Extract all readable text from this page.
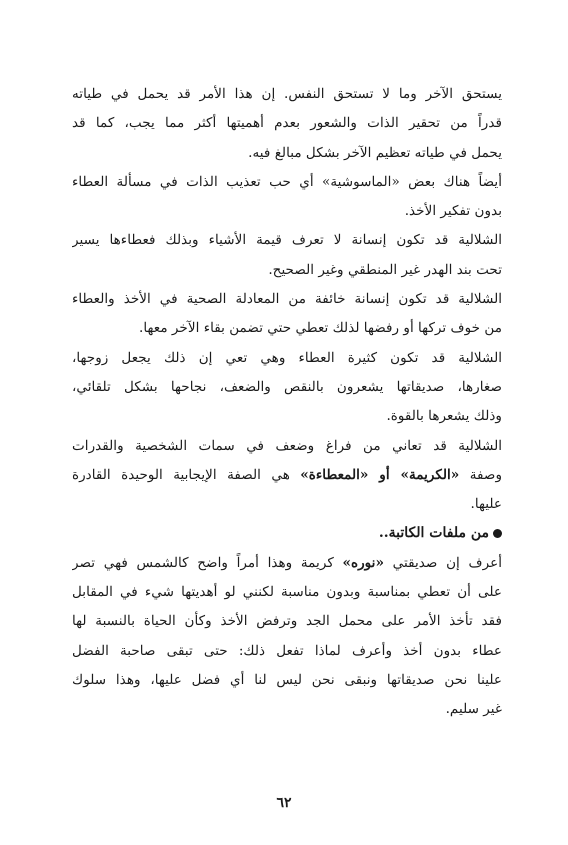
يستحق الآخر وما لا تستحق النفس. إن هذا الأمر قد يحمل في طياته
قدراً من تحقير الذات والشعور بعدم أهميتها أكثر مما يجب، كما قد
يحمل في طياته تعظيم الآخر بشكل مبالغ فيه.
أيضاً هناك بعض «الماسوشية» أي حب تعذيب الذات في مسألة العطاء
بدون تفكير الأخذ.
الشلالية قد تكون إنسانة لا تعرف قيمة الأشياء وبذلك فعطاءها يسير
تحت بند الهدر غير المنطقي وغير الصحيح.
الشلالية قد تكون إنسانة خائفة من المعادلة الصحية في الأخذ والعطاء
من خوف تركها أو رفضها لذلك تعطي حتي تضمن بقاء الآخر معها.
الشلالية قد تكون كثيرة العطاء وهي تعي إن ذلك يجعل زوجها،
صغارها، صديقاتها يشعرون بالنقص والضعف، نجاحها بشكل تلقائي،
وذلك يشعرها بالقوة.
الشلالية قد تعاني من فراغ وضعف في سمات الشخصية والقدرات
وصفة «الكريمة» أو «المعطاءة» هي الصفة الإيجابية الوحيدة القادرة
عليها.
من ملفات الكاتبة..
أعرف إن صديقتي «نوره» كريمة وهذا أمراً واضح كالشمس فهي تصر
على أن تعطي بمناسبة وبدون مناسبة لكنني لو أهديتها شيء في المقابل
فقد تأخذ الأمر على محمل الجد وترفض الأخذ وكأن الحياة بالنسبة لها
عطاء بدون أخذ وأعرف لماذا تفعل ذلك: حتى تبقى صاحبة الفضل
علينا نحن صديقاتها ونبقى نحن ليس لنا أي فضل عليها، وهذا سلوك
غير سليم.
٦٢
